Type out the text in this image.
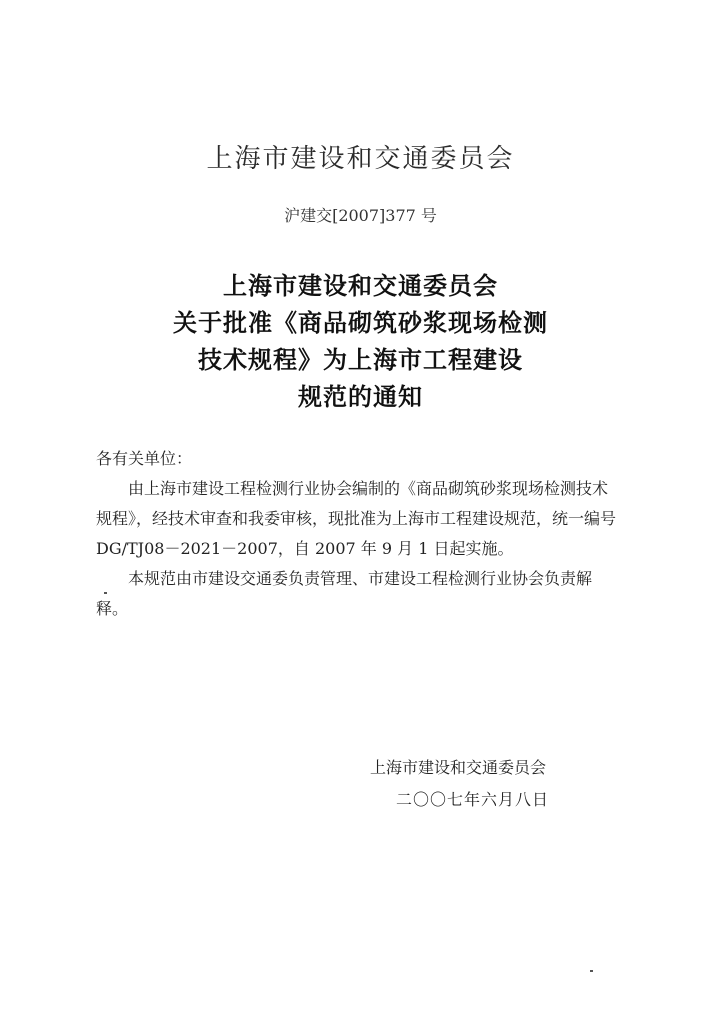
上海市建设和交通委员会
沪建交[2007]377 号
上海市建设和交通委员会
关于批准《商品砌筑砂浆现场检测
技术规程》为上海市工程建设
规范的通知

各有关单位：

由上海市建设工程检测行业协会编制的《商品砌筑砂浆现场检测技术规程》，经技术审查和我委审核，现批准为上海市工程建设规范，统一编号 DG/TJ08－2021－2007，自 2007 年 9 月 1 日起实施。

本规范由市建设交通委负责管理、市建设工程检测行业协会负责解释。

上海市建设和交通委员会
二〇〇七年六月八日
